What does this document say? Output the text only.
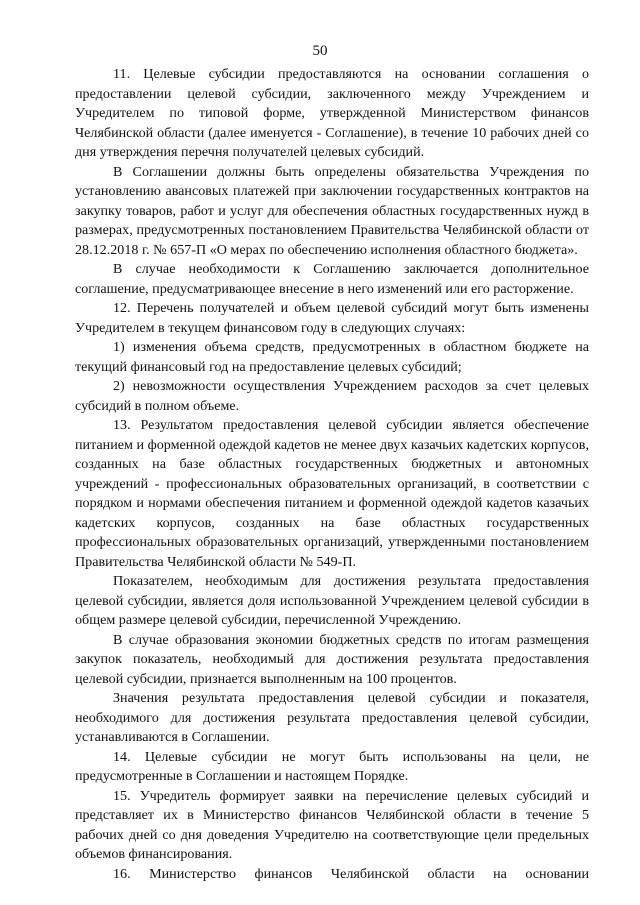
50

11. Целевые субсидии предоставляются на основании соглашения о предоставлении целевой субсидии, заключенного между Учреждением и Учредителем по типовой форме, утвержденной Министерством финансов Челябинской области (далее именуется - Соглашение), в течение 10 рабочих дней со дня утверждения перечня получателей целевых субсидий.

В Соглашении должны быть определены обязательства Учреждения по установлению авансовых платежей при заключении государственных контрактов на закупку товаров, работ и услуг для обеспечения областных государственных нужд в размерах, предусмотренных постановлением Правительства Челябинской области от 28.12.2018 г. № 657-П «О мерах по обеспечению исполнения областного бюджета».

В случае необходимости к Соглашению заключается дополнительное соглашение, предусматривающее внесение в него изменений или его расторжение.

12. Перечень получателей и объем целевой субсидий могут быть изменены Учредителем в текущем финансовом году в следующих случаях:

1) изменения объема средств, предусмотренных в областном бюджете на текущий финансовый год на предоставление целевых субсидий;

2) невозможности осуществления Учреждением расходов за счет целевых субсидий в полном объеме.

13. Результатом предоставления целевой субсидии является обеспечение питанием и форменной одеждой кадетов не менее двух казачьих кадетских корпусов, созданных на базе областных государственных бюджетных и автономных учреждений - профессиональных образовательных организаций, в соответствии с порядком и нормами обеспечения питанием и форменной одеждой кадетов казачьих кадетских корпусов, созданных на базе областных государственных профессиональных образовательных организаций, утвержденными постановлением Правительства Челябинской области № 549-П.

Показателем, необходимым для достижения результата предоставления целевой субсидии, является доля использованной Учреждением целевой субсидии в общем размере целевой субсидии, перечисленной Учреждению.

В случае образования экономии бюджетных средств по итогам размещения закупок показатель, необходимый для достижения результата предоставления целевой субсидии, признается выполненным на 100 процентов.

Значения результата предоставления целевой субсидии и показателя, необходимого для достижения результата предоставления целевой субсидии, устанавливаются в Соглашении.

14. Целевые субсидии не могут быть использованы на цели, не предусмотренные в Соглашении и настоящем Порядке.

15. Учредитель формирует заявки на перечисление целевых субсидий и представляет их в Министерство финансов Челябинской области в течение 5 рабочих дней со дня доведения Учредителю на соответствующие цели предельных объемов финансирования.

16. Министерство финансов Челябинской области на основании
